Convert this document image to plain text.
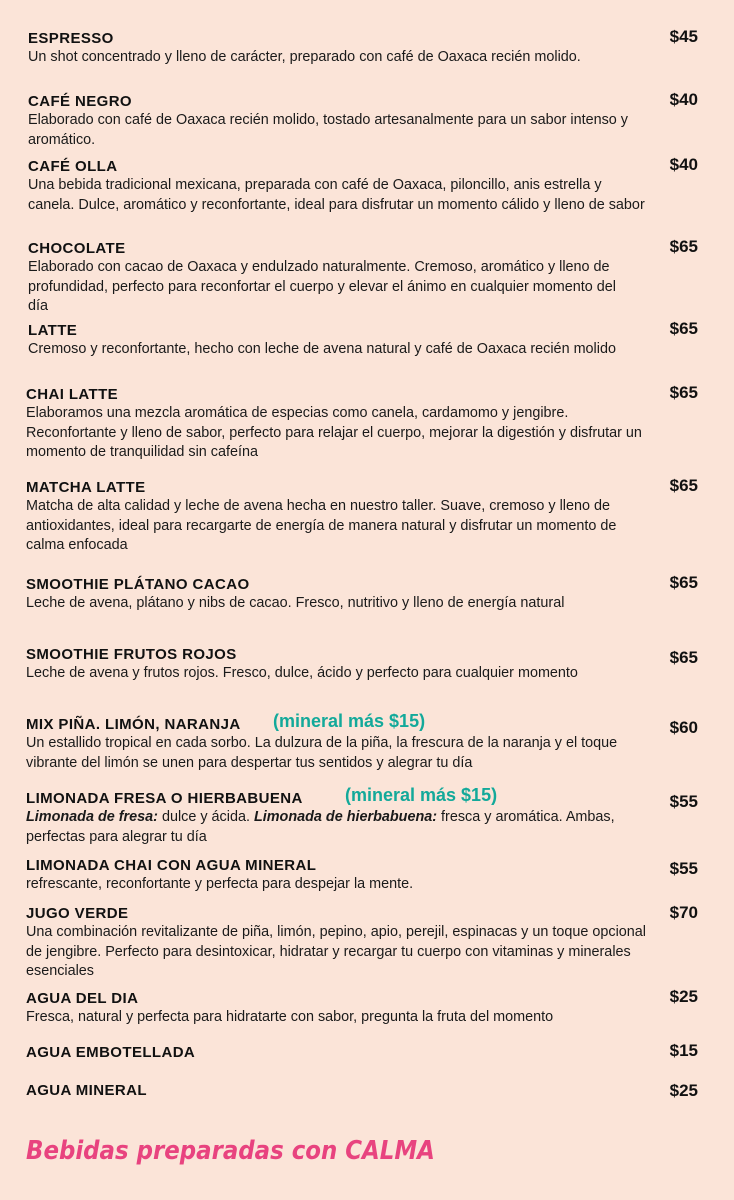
ESPRESSO	$45
Un shot concentrado y lleno de carácter, preparado con café de Oaxaca recién molido.
CAFÉ NEGRO	$40
Elaborado con café de Oaxaca recién molido, tostado artesanalmente para un sabor intenso y aromático.
CAFÉ OLLA	$40
Una bebida tradicional mexicana, preparada con café de Oaxaca, piloncillo, anis estrella y canela. Dulce, aromático y reconfortante, ideal para disfrutar un momento cálido y lleno de sabor
CHOCOLATE	$65
Elaborado con cacao de Oaxaca y endulzado naturalmente. Cremoso, aromático y lleno de profundidad, perfecto para reconfortar el cuerpo y elevar el ánimo en cualquier momento del día
LATTE	$65
Cremoso y reconfortante, hecho con leche de avena natural y café de Oaxaca recién molido
CHAI LATTE	$65
Elaboramos una mezcla aromática de especias como canela, cardamomo y jengibre. Reconfortante y lleno de sabor, perfecto para relajar el cuerpo, mejorar la digestión y disfrutar un momento de tranquilidad sin cafeína
MATCHA LATTE	$65
Matcha de alta calidad y leche de avena hecha en nuestro taller. Suave, cremoso y lleno de antioxidantes, ideal para recargarte de energía de manera natural y disfrutar un momento de calma enfocada
SMOOTHIE PLÁTANO CACAO	$65
Leche de avena, plátano y nibs de cacao. Fresco, nutritivo y lleno de energía natural
SMOOTHIE FRUTOS ROJOS	$65
Leche de avena y frutos rojos. Fresco, dulce, ácido y perfecto para cualquier momento
MIX PIÑA. LIMÓN, NARANJA (mineral más $15)	$60
Un estallido tropical en cada sorbo. La dulzura de la piña, la frescura de la naranja y el toque vibrante del limón se unen para despertar tus sentidos y alegrar tu día
LIMONADA FRESA O HIERBABUENA (mineral más $15)	$55
Limonada de fresa: dulce y ácida. Limonada de hierbabuena: fresca y aromática. Ambas, perfectas para alegrar tu día
LIMONADA CHAI CON AGUA MINERAL	$55
refrescante, reconfortante y perfecta para despejar la mente.
JUGO VERDE	$70
Una combinación revitalizante de piña, limón, pepino, apio, perejil, espinacas y un toque opcional de jengibre. Perfecto para desintoxicar, hidratar y recargar tu cuerpo con vitaminas y minerales esenciales
AGUA DEL DIA	$25
Fresca, natural y perfecta para hidratarte con sabor, pregunta la fruta del momento
AGUA EMBOTELLADA	$15
AGUA MINERAL	$25
Bebidas preparadas con CALMA
